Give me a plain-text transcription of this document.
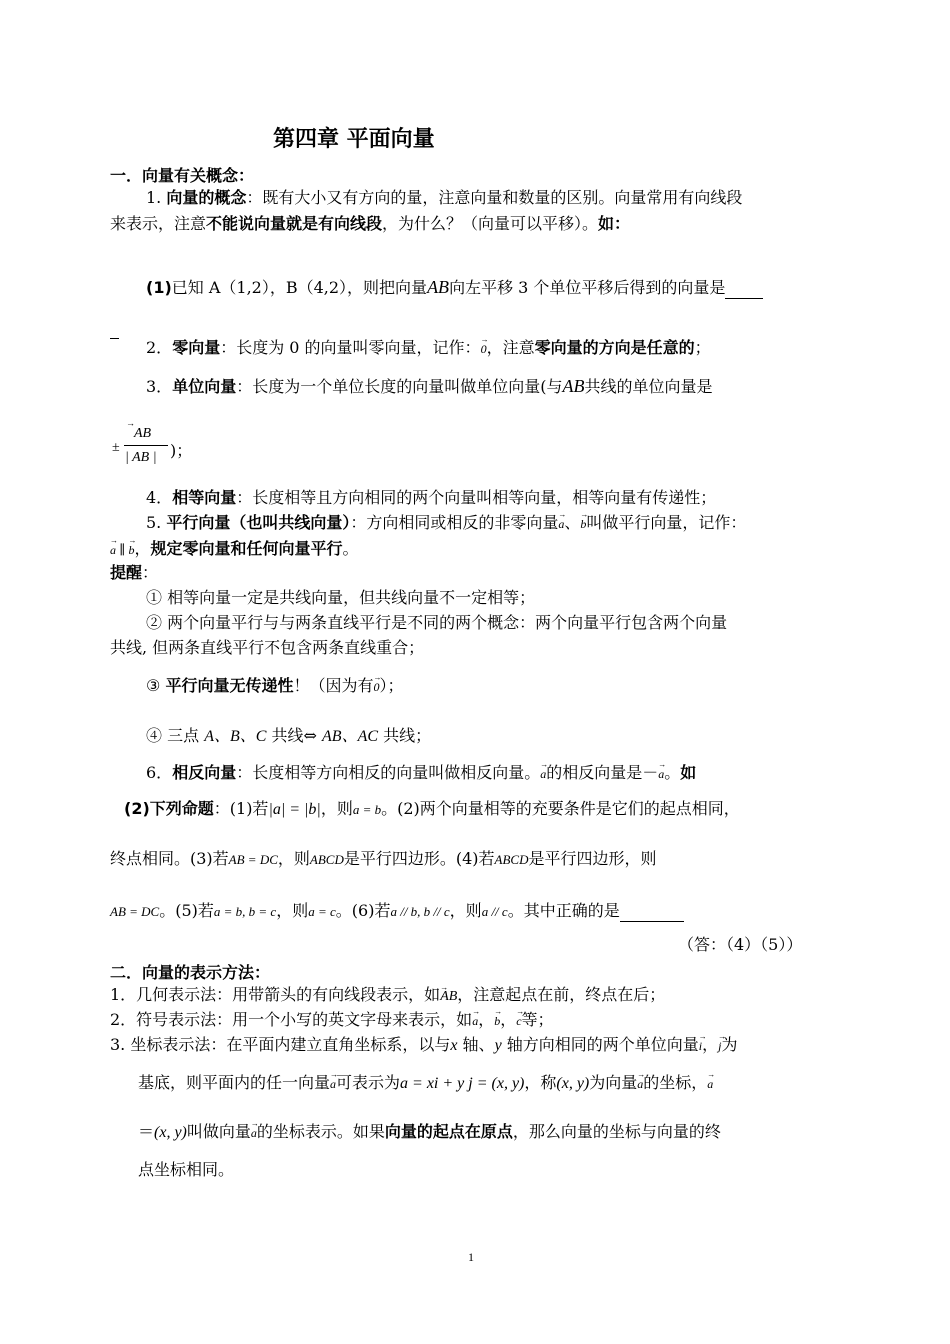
第四章 平面向量
一．向量有关概念：
1. 向量的概念：既有大小又有方向的量，注意向量和数量的区别。向量常用有向线段
来表示，注意不能说向量就是有向线段，为什么？（向量可以平移）。如：
(1)已知 A（1,2），B（4,2），则把向量AB向左平移 3 个单位平移后得到的向量是

2．零向量：长度为 0 的向量叫零向量，记作：→ 0，注意零向量的方向是任意的；
3．单位向量：长度为一个单位长度的向量叫做单位向量(与AB共线的单位向量是
±
AB
→
| AB | )；
4．相等向量：长度相等且方向相同的两个向量叫相等向量，相等向量有传递性；
5. 平行向量（也叫共线向量）：方向相同或相反的非零向量→ a、→ b叫做平行向量，记作：
→ a ∥ → b，规定零向量和任何向量平行。
提醒：
① 相等向量一定是共线向量，但共线向量不一定相等；
② 两个向量平行与与两条直线平行是不同的两个概念：两个向量平行包含两个向量
共线, 但两条直线平行不包含两条直线重合；
③ 平行向量无传递性！（因为有→ 0）；
④ 三点 A、B、C 共线⇔ AB、AC 共线；
6．相反向量：长度相等方向相反的向量叫做相反向量。→ a的相反向量是－→ a。如
(2)下列命题：(1)若|a| = |b|，则a = b。(2)两个向量相等的充要条件是它们的起点相同，
终点相同。(3)若AB = DC，则ABCD是平行四边形。(4)若ABCD是平行四边形，则
AB = DC。(5)若a = b, b = c，则a = c。(6)若a // b, b // c，则a // c。其中正确的是
（答：（4）（5））
二．向量的表示方法：
1．几何表示法：用带箭头的有向线段表示，如→ AB，注意起点在前，终点在后；
2．符号表示法：用一个小写的英文字母来表示，如→ a，→ b，→ c等；
3. 坐标表示法：在平面内建立直角坐标系，以与x 轴、y 轴方向相同的两个单位向量→ i，→ j为
基底，则平面内的任一向量→ a可表示为a = xi + y j = (x, y)，称(x, y)为向量→ a的坐标，→ a
＝(x, y)叫做向量→ a的坐标表示。如果向量的起点在原点，那么向量的坐标与向量的终
点坐标相同。
1
